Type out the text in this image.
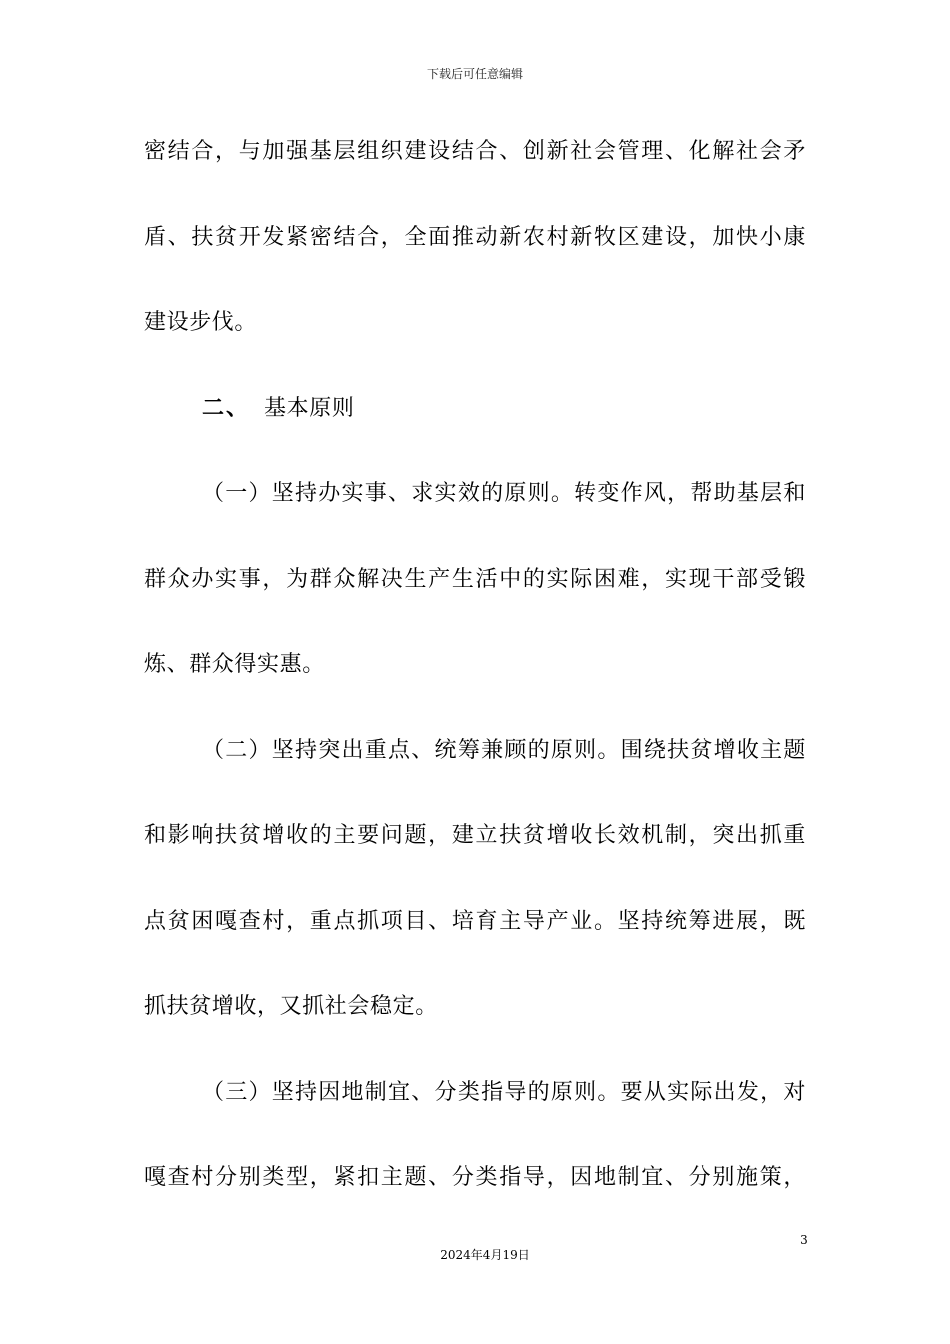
下载后可任意编辑
密结合，与加强基层组织建设结合、创新社会管理、化解社会矛
盾、扶贫开发紧密结合，全面推动新农村新牧区建设，加快小康
建设步伐。
二、 基本原则
（一）坚持办实事、求实效的原则。转变作风，帮助基层和
群众办实事，为群众解决生产生活中的实际困难，实现干部受锻
炼、群众得实惠。
（二）坚持突出重点、统筹兼顾的原则。围绕扶贫增收主题
和影响扶贫增收的主要问题，建立扶贫增收长效机制，突出抓重
点贫困嘎查村，重点抓项目、培育主导产业。坚持统筹进展，既
抓扶贫增收，又抓社会稳定。
（三）坚持因地制宜、分类指导的原则。要从实际出发，对
嘎查村分别类型，紧扣主题、分类指导，因地制宜、分别施策，
3
2024年4月19日
